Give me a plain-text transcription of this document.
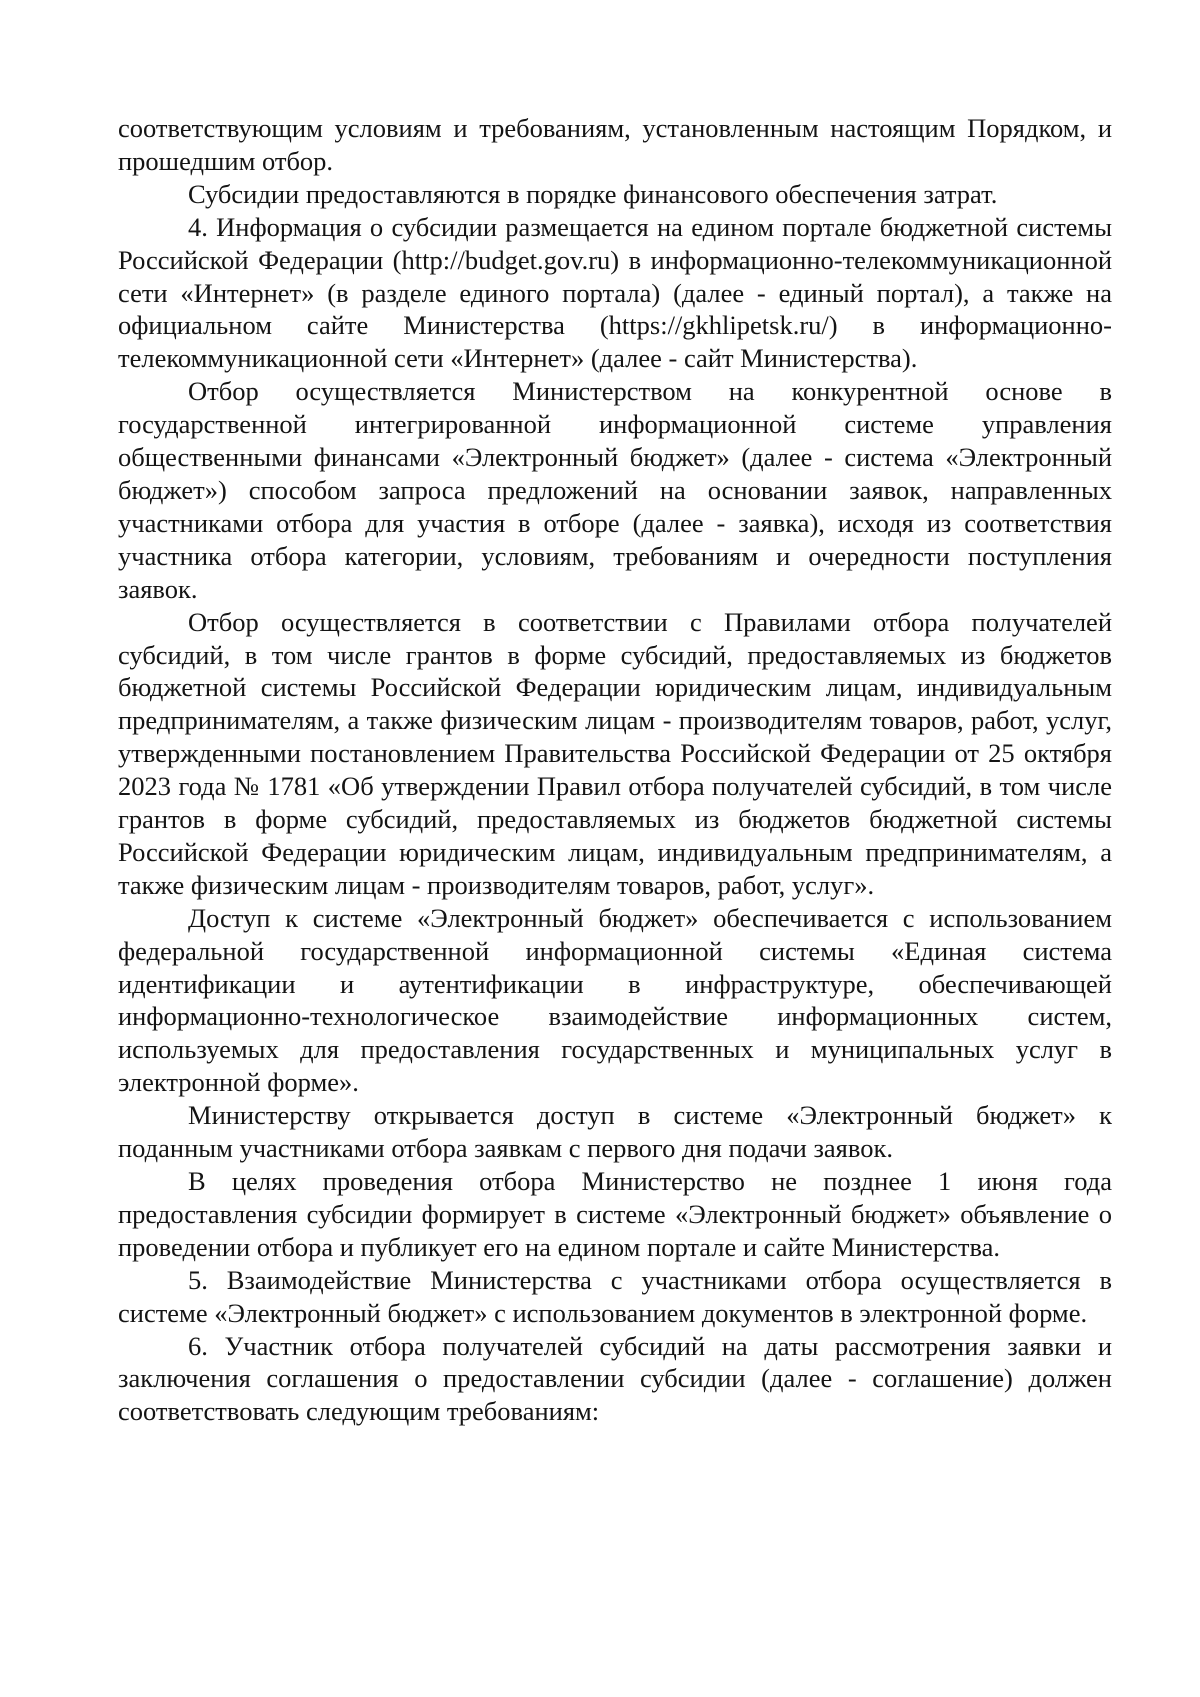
соответствующим условиям и требованиям, установленным настоящим Порядком, и прошедшим отбор.

Субсидии предоставляются в порядке финансового обеспечения затрат.

4. Информация о субсидии размещается на едином портале бюджетной системы Российской Федерации (http://budget.gov.ru) в информационно-телекоммуникационной сети «Интернет» (в разделе единого портала) (далее - единый портал), а также на официальном сайте Министерства (https://gkhlipetsk.ru/) в информационно-телекоммуникационной сети «Интернет» (далее - сайт Министерства).

Отбор осуществляется Министерством на конкурентной основе в государственной интегрированной информационной системе управления общественными финансами «Электронный бюджет» (далее - система «Электронный бюджет») способом запроса предложений на основании заявок, направленных участниками отбора для участия в отборе (далее - заявка), исходя из соответствия участника отбора категории, условиям, требованиям и очередности поступления заявок.

Отбор осуществляется в соответствии с Правилами отбора получателей субсидий, в том числе грантов в форме субсидий, предоставляемых из бюджетов бюджетной системы Российской Федерации юридическим лицам, индивидуальным предпринимателям, а также физическим лицам - производителям товаров, работ, услуг, утвержденными постановлением Правительства Российской Федерации от 25 октября 2023 года № 1781 «Об утверждении Правил отбора получателей субсидий, в том числе грантов в форме субсидий, предоставляемых из бюджетов бюджетной системы Российской Федерации юридическим лицам, индивидуальным предпринимателям, а также физическим лицам - производителям товаров, работ, услуг».

Доступ к системе «Электронный бюджет» обеспечивается с использованием федеральной государственной информационной системы «Единая система идентификации и аутентификации в инфраструктуре, обеспечивающей информационно-технологическое взаимодействие информационных систем, используемых для предоставления государственных и муниципальных услуг в электронной форме».

Министерству открывается доступ в системе «Электронный бюджет» к поданным участниками отбора заявкам с первого дня подачи заявок.

В целях проведения отбора Министерство не позднее 1 июня года предоставления субсидии формирует в системе «Электронный бюджет» объявление о проведении отбора и публикует его на едином портале и сайте Министерства.

5. Взаимодействие Министерства с участниками отбора осуществляется в системе «Электронный бюджет» с использованием документов в электронной форме.

6. Участник отбора получателей субсидий на даты рассмотрения заявки и заключения соглашения о предоставлении субсидии (далее - соглашение) должен соответствовать следующим требованиям:
